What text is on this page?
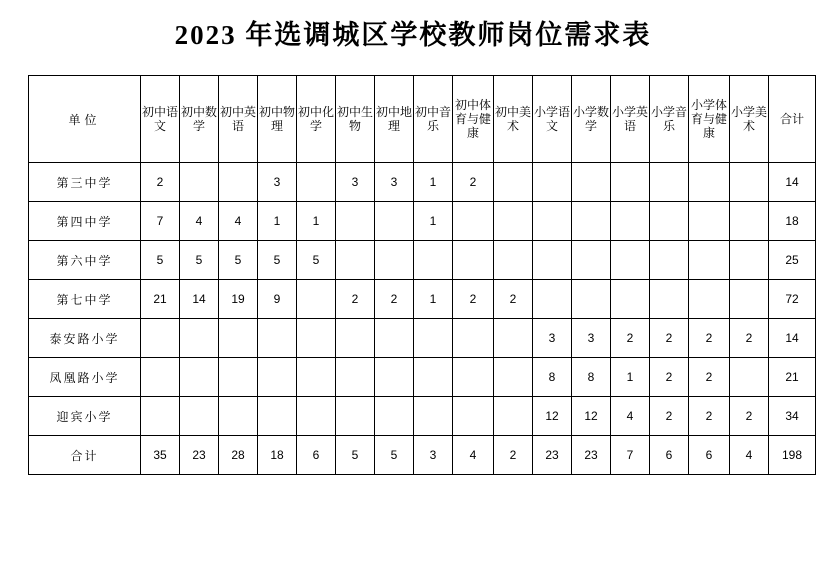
2023 年选调城区学校教师岗位需求表
单位	初中语文	初中数学	初中英语	初中物理	初中化学	初中生物	初中地理	初中音乐	初中体育与健康	初中美术	小学语文	小学数学	小学英语	小学音乐	小学体育与健康	小学美术	合计

第三中学	2			3		3	3	1	2								14
第四中学	7	4	4	1	1			1									18
第六中学	5	5	5	5	5												25
第七中学	21	14	19	9		2	2	1	2	2							72
泰安路小学											3	3	2	2	2	2	14
凤凰路小学											8	8	1	2	2		21
迎宾小学											12	12	4	2	2	2	34
合计	35	23	28	18	6	5	5	3	4	2	23	23	7	6	6	4	198
